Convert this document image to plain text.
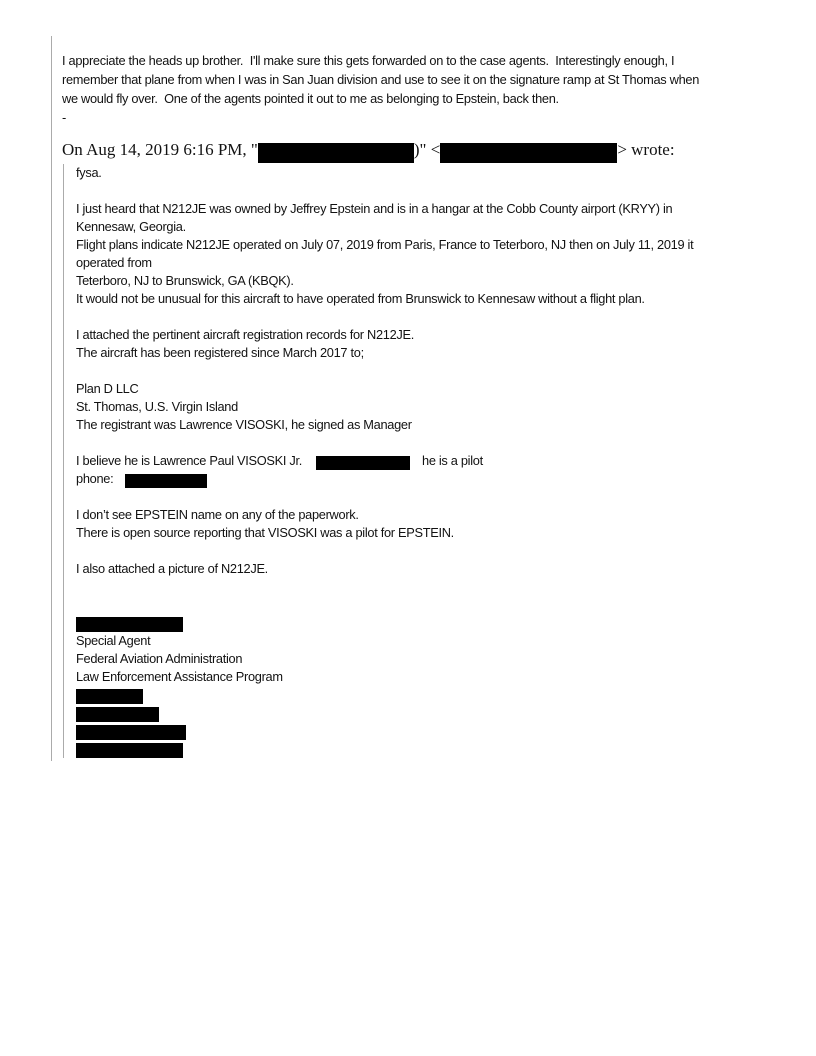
I appreciate the heads up brother.  I'll make sure this gets forwarded on to the case agents.  Interestingly enough, I
remember that plane from when I was in San Juan division and use to see it on the signature ramp at St Thomas when
we would fly over.  One of the agents pointed it out to me as belonging to Epstein, back then.
-
On Aug 14, 2019 6:16 PM, "	)" <	> wrote:
fysa.

I just heard that N212JE was owned by Jeffrey Epstein and is in a hangar at the Cobb County airport (KRYY) in
Kennesaw, Georgia.
Flight plans indicate N212JE operated on July 07, 2019 from Paris, France to Teterboro, NJ then on July 11, 2019 it
operated from
Teterboro, NJ to Brunswick, GA (KBQK).
It would not be unusual for this aircraft to have operated from Brunswick to Kennesaw without a flight plan.

I attached the pertinent aircraft registration records for N212JE.
The aircraft has been registered since March 2017 to;

Plan D LLC
St. Thomas, U.S. Virgin Island
The registrant was Lawrence VISOSKI, he signed as Manager

I believe he is Lawrence Paul VISOSKI Jr.	he is a pilot
phone:

I don’t see EPSTEIN name on any of the paperwork.
There is open source reporting that VISOSKI was a pilot for EPSTEIN.

I also attached a picture of N212JE.

Special Agent
Federal Aviation Administration
Law Enforcement Assistance Program
